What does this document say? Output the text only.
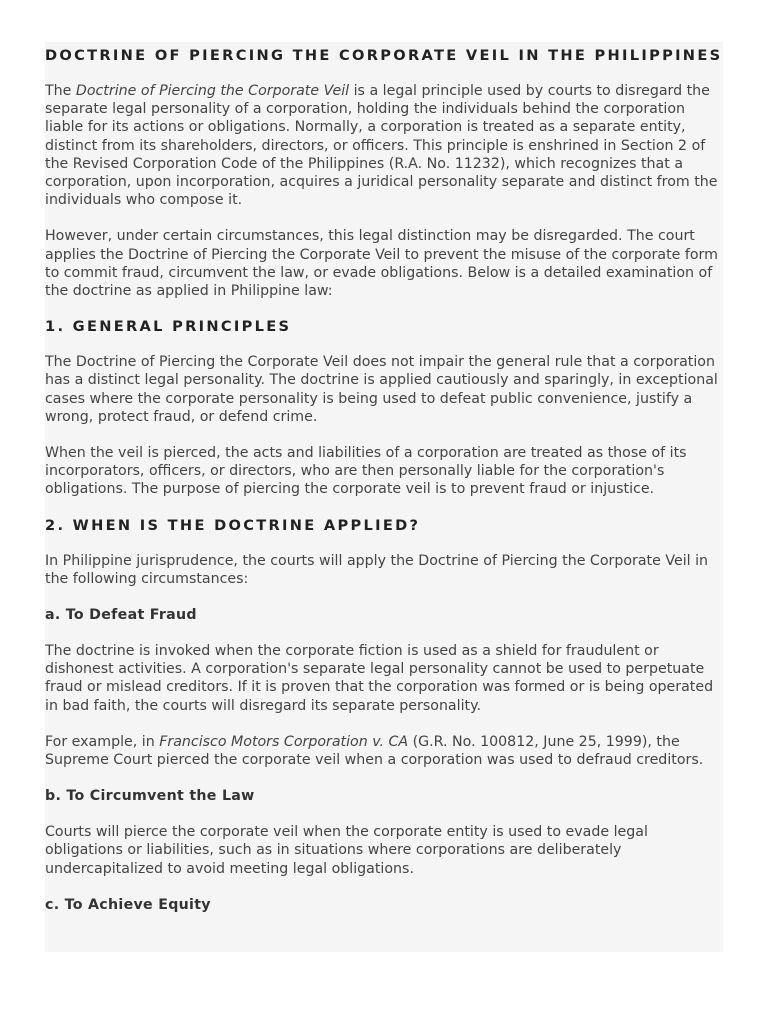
DOCTRINE OF PIERCING THE CORPORATE VEIL IN THE PHILIPPINES

The Doctrine of Piercing the Corporate Veil is a legal principle used by courts to disregard the separate legal personality of a corporation, holding the individuals behind the corporation liable for its actions or obligations. Normally, a corporation is treated as a separate entity, distinct from its shareholders, directors, or officers. This principle is enshrined in Section 2 of the Revised Corporation Code of the Philippines (R.A. No. 11232), which recognizes that a corporation, upon incorporation, acquires a juridical personality separate and distinct from the individuals who compose it.

However, under certain circumstances, this legal distinction may be disregarded. The court applies the Doctrine of Piercing the Corporate Veil to prevent the misuse of the corporate form to commit fraud, circumvent the law, or evade obligations. Below is a detailed examination of the doctrine as applied in Philippine law:

1. GENERAL PRINCIPLES

The Doctrine of Piercing the Corporate Veil does not impair the general rule that a corporation has a distinct legal personality. The doctrine is applied cautiously and sparingly, in exceptional cases where the corporate personality is being used to defeat public convenience, justify a wrong, protect fraud, or defend crime.

When the veil is pierced, the acts and liabilities of a corporation are treated as those of its incorporators, officers, or directors, who are then personally liable for the corporation's obligations. The purpose of piercing the corporate veil is to prevent fraud or injustice.

2. WHEN IS THE DOCTRINE APPLIED?

In Philippine jurisprudence, the courts will apply the Doctrine of Piercing the Corporate Veil in the following circumstances:

a. To Defeat Fraud

The doctrine is invoked when the corporate fiction is used as a shield for fraudulent or dishonest activities. A corporation's separate legal personality cannot be used to perpetuate fraud or mislead creditors. If it is proven that the corporation was formed or is being operated in bad faith, the courts will disregard its separate personality.

For example, in Francisco Motors Corporation v. CA (G.R. No. 100812, June 25, 1999), the Supreme Court pierced the corporate veil when a corporation was used to defraud creditors.

b. To Circumvent the Law

Courts will pierce the corporate veil when the corporate entity is used to evade legal obligations or liabilities, such as in situations where corporations are deliberately undercapitalized to avoid meeting legal obligations.

c. To Achieve Equity
